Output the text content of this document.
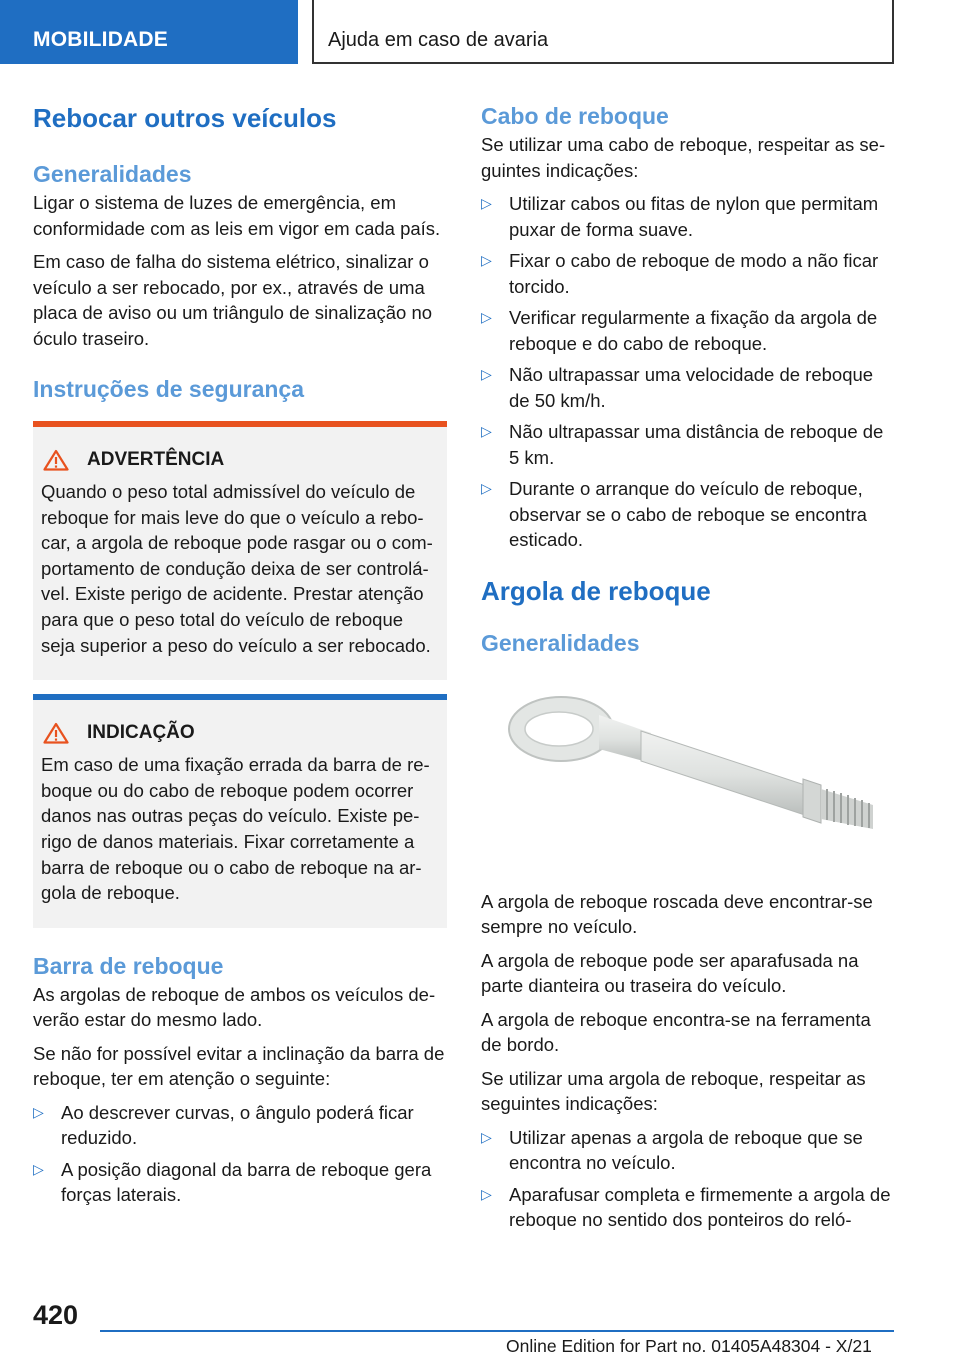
MOBILIDADE	Ajuda em caso de avaria
Rebocar outros veículos
Generalidades

Ligar o sistema de luzes de emergência, em conformidade com as leis em vigor em cada país.

Em caso de falha do sistema elétrico, sinalizar o veículo a ser rebocado, por ex., através de uma placa de aviso ou um triângulo de sinalização no óculo traseiro.

Instruções de segurança
ADVERTÊNCIA

Quando o peso total admissível do veículo de reboque for mais leve do que o veículo a rebo‐car, a argola de reboque pode rasgar ou o com‐portamento de condução deixa de ser controlá‐vel. Existe perigo de acidente. Prestar atenção para que o peso total do veículo de reboque seja superior a peso do veículo a ser rebocado.

INDICAÇÃO

Em caso de uma fixação errada da barra de re‐boque ou do cabo de reboque podem ocorrer danos nas outras peças do veículo. Existe pe‐rigo de danos materiais. Fixar corretamente a barra de reboque ou o cabo de reboque na ar‐gola de reboque.

Barra de reboque

As argolas de reboque de ambos os veículos de‐verão estar do mesmo lado.

Se não for possível evitar a inclinação da barra de reboque, ter em atenção o seguinte:

▷ Ao descrever curvas, o ângulo poderá ficar reduzido.
▷ A posição diagonal da barra de reboque gera forças laterais.
Cabo de reboque

Se utilizar uma cabo de reboque, respeitar as se‐guintes indicações:

▷ Utilizar cabos ou fitas de nylon que permitam puxar de forma suave.
▷ Fixar o cabo de reboque de modo a não ficar torcido.
▷ Verificar regularmente a fixação da argola de reboque e do cabo de reboque.
▷ Não ultrapassar uma velocidade de reboque de 50 km/h.
▷ Não ultrapassar uma distância de reboque de 5 km.
▷ Durante o arranque do veículo de reboque, observar se o cabo de reboque se encontra esticado.
Argola de reboque
Generalidades

A argola de reboque roscada deve encontrar-se sempre no veículo.

A argola de reboque pode ser aparafusada na parte dianteira ou traseira do veículo.

A argola de reboque encontra-se na ferramenta de bordo.

Se utilizar uma argola de reboque, respeitar as seguintes indicações:

▷ Utilizar apenas a argola de reboque que se encontra no veículo.
▷ Aparafusar completa e firmemente a argola de reboque no sentido dos ponteiros do reló‐
420
Online Edition for Part no. 01405A48304 - X/21
